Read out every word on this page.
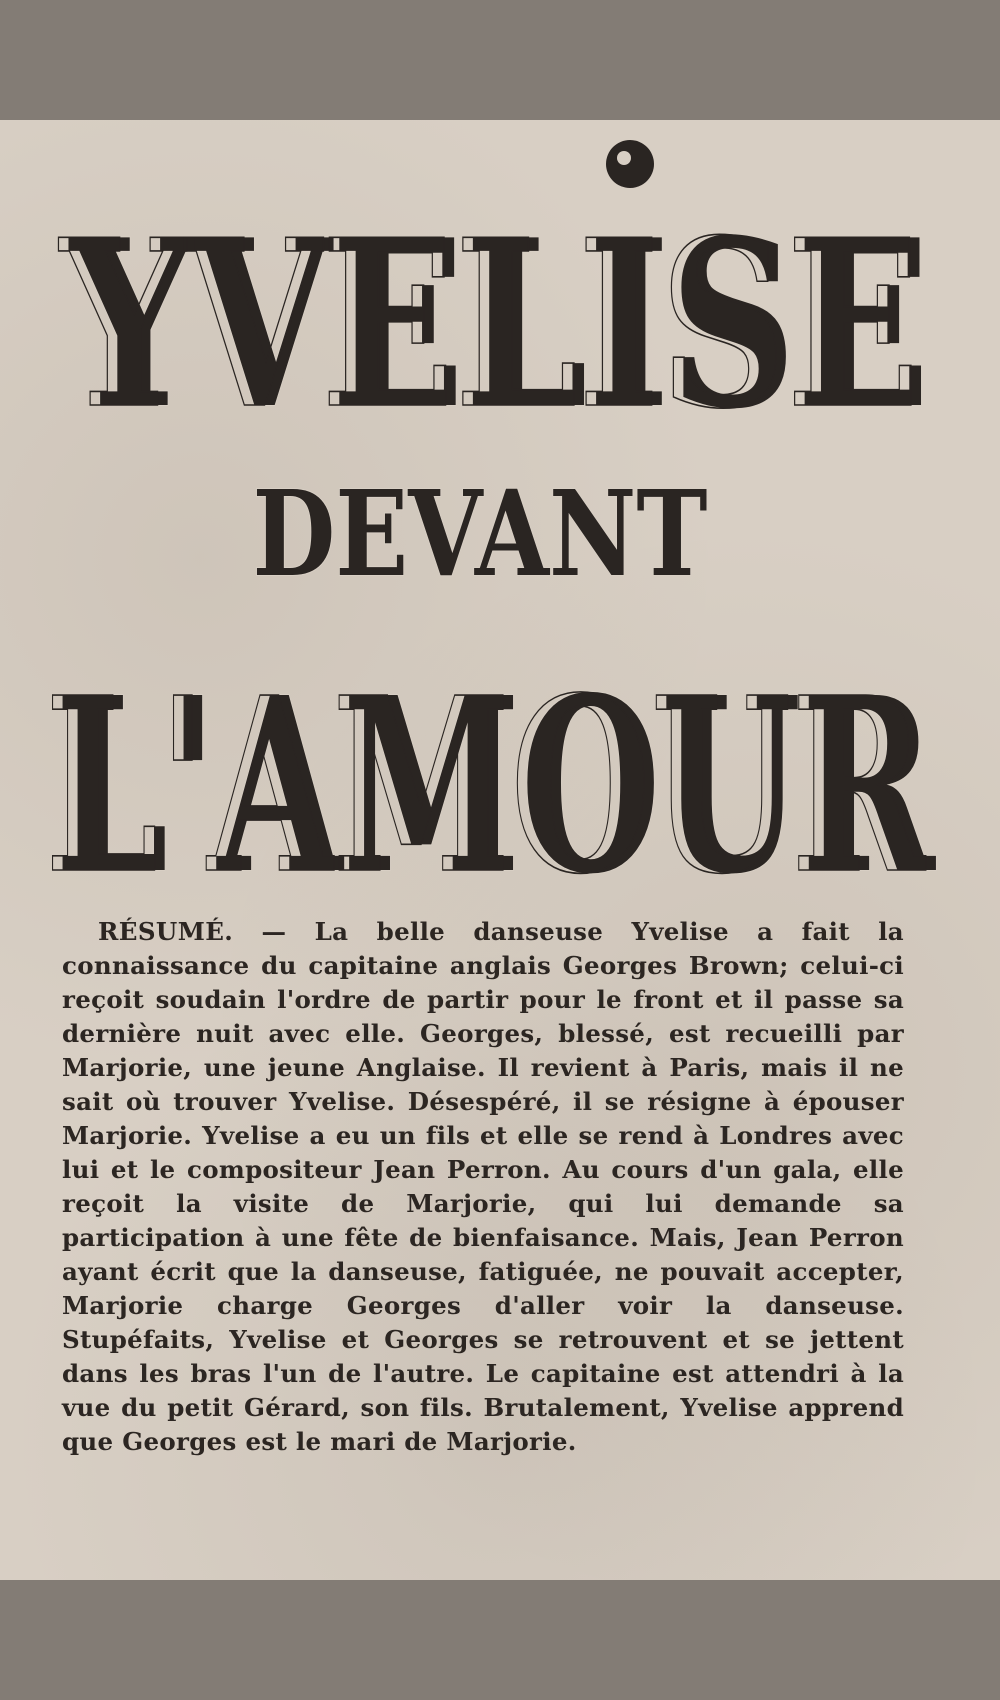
YVELISE
YVELISE
DEVANT
L'AMOUR
L'AMOUR

RÉSUMÉ. — La belle danseuse Yvelise a fait la connaissance du capitaine anglais Georges Brown; celui-ci reçoit soudain l'ordre de partir pour le front et il passe sa dernière nuit avec elle. Georges, blessé, est recueilli par Marjorie, une jeune Anglaise. Il revient à Paris, mais il ne sait où trouver Yvelise. Désespéré, il se résigne à épouser Marjorie. Yvelise a eu un fils et elle se rend à Londres avec lui et le compositeur Jean Perron. Au cours d'un gala, elle reçoit la visite de Marjorie, qui lui demande sa participation à une fête de bienfaisance. Mais, Jean Perron ayant écrit que la danseuse, fatiguée, ne pouvait accepter, Marjorie charge Georges d'aller voir la danseuse. Stupéfaits, Yvelise et Georges se retrouvent et se jettent dans les bras l'un de l'autre. Le capitaine est attendri à la vue du petit Gérard, son fils. Brutalement, Yvelise apprend que Georges est le mari de Marjorie.
